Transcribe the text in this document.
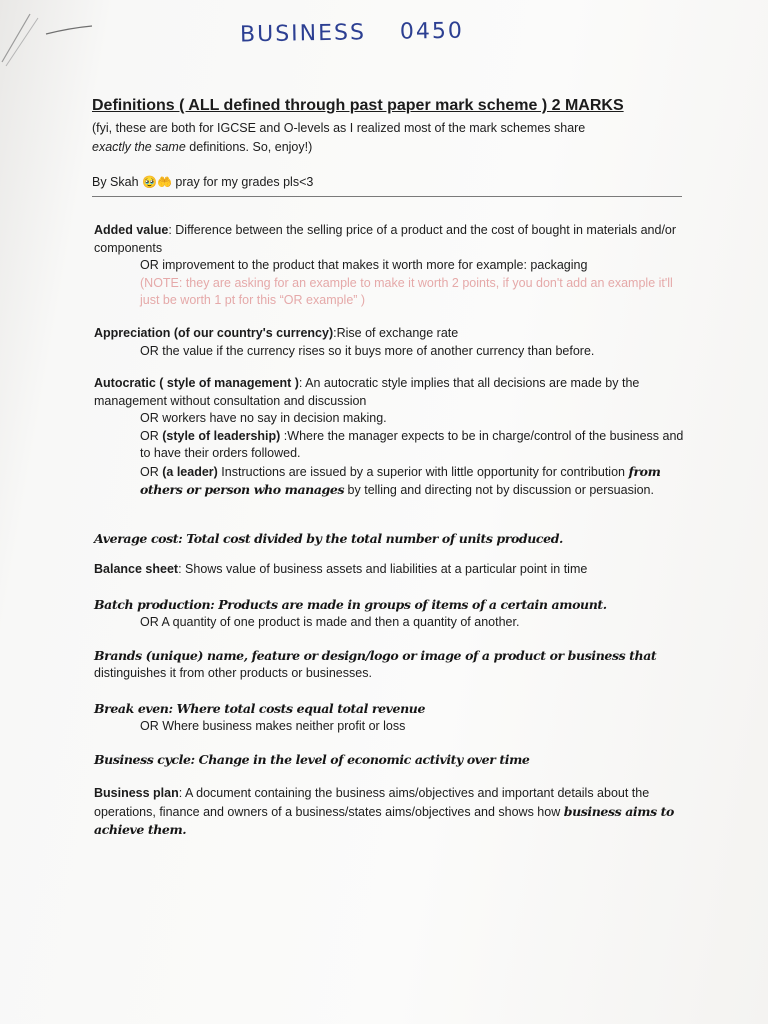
BUSINESS 0450
Definitions ( ALL defined through past paper mark scheme ) 2 MARKS
(fyi, these are both for IGCSE and O-levels as I realized most of the mark schemes share
exactly the same definitions. So, enjoy!)
By Skah 🥹🤲 pray for my grades pls<3
Added value: Difference between the selling price of a product and the cost of bought in materials and/or components
OR improvement to the product that makes it worth more for example: packaging
(NOTE: they are asking for an example to make it worth 2 points, if you don't add an example it'll just be worth 1 pt for this “OR example” )
Appreciation (of our country's currency):Rise of exchange rate
OR the value if the currency rises so it buys more of another currency than before.
Autocratic ( style of management ): An autocratic style implies that all decisions are made by the management without consultation and discussion
OR workers have no say in decision making.
OR (style of leadership) :Where the manager expects to be in charge/control of the business and to have their orders followed.
OR (a leader) Instructions are issued by a superior with little opportunity for contribution from others or person who manages by telling and directing not by discussion or persuasion.
Average cost: Total cost divided by the total number of units produced.
Balance sheet: Shows value of business assets and liabilities at a particular point in time
Batch production: Products are made in groups of items of a certain amount.
OR A quantity of one product is made and then a quantity of another.
Brands (unique) name, feature or design/logo or image of a product or business that
distinguishes it from other products or businesses.
Break even: Where total costs equal total revenue
OR Where business makes neither profit or loss
Business cycle: Change in the level of economic activity over time
Business plan: A document containing the business aims/objectives and important details about the operations, finance and owners of a business/states aims/objectives and shows how business aims to achieve them.
